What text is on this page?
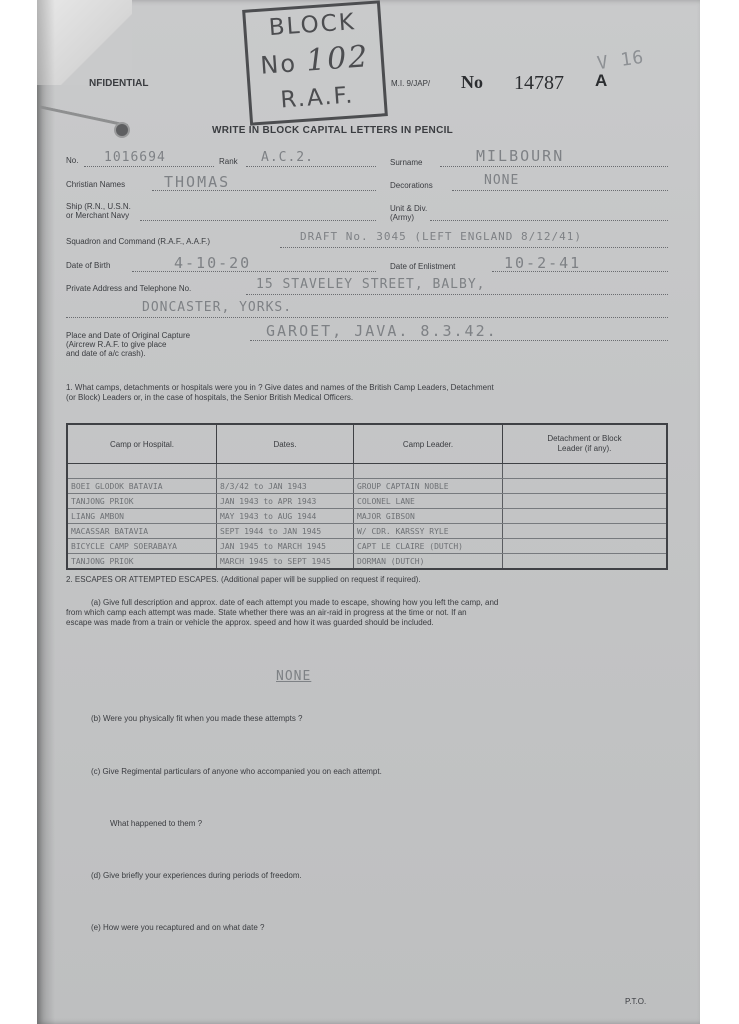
NFIDENTIAL
BLOCK
No 102
R.A.F.	M.I. 9/JAP/ No 14787 A
V 16
WRITE IN BLOCK CAPITAL LETTERS IN PENCIL
No. 1016694	Rank A.C.2.	Surname	MILBOURN
Christian Names	THOMAS	Decorations	NONE
Ship (R.N., U.S.N.
or Merchant Navy
Unit & Div.
(Army)
Squadron and Command (R.A.F., A.A.F.)	DRAFT No. 3045 (LEFT ENGLAND 8/12/41)
Date of Birth	4-10-20	Date of Enlistment	10-2-41
Private Address and Telephone No.	15 STAVELEY STREET, BALBY,
DONCASTER, YORKS.
Place and Date of Original Capture
(Aircrew R.A.F. to give place
and date of a/c crash).
GAROET, JAVA. 8.3.42.
1. What camps, detachments or hospitals were you in ? Give dates and names of the British Camp Leaders, Detachment
(or Block) Leaders or, in the case of hospitals, the Senior British Medical Officers.
Camp or Hospital.	Dates.	Camp Leader.	Detachment or Block
Leader (if any).

BOEI GLODOK BATAVIA	8/3/42 to JAN 1943	GROUP CAPTAIN NOBLE	
TANJONG PRIOK	JAN 1943 to APR 1943	COLONEL LANE	
LIANG AMBON	MAY 1943 to AUG 1944	MAJOR GIBSON	
MACASSAR BATAVIA	SEPT 1944 to JAN 1945	W/ CDR. KARSSY RYLE	
BICYCLE CAMP SOERABAYA	JAN 1945 to MARCH 1945	CAPT LE CLAIRE (DUTCH)	
TANJONG PRIOK	MARCH 1945 to SEPT 1945	DORMAN (DUTCH)	
2. ESCAPES OR ATTEMPTED ESCAPES. (Additional paper will be supplied on request if required).
(a) Give full description and approx. date of each attempt you made to escape, showing how you left the camp, and
from which camp each attempt was made. State whether there was an air-raid in progress at the time or not. If an
escape was made from a train or vehicle the approx. speed and how it was guarded should be included.
NONE
(b) Were you physically fit when you made these attempts ?
(c) Give Regimental particulars of anyone who accompanied you on each attempt.
What happened to them ?
(d) Give briefly your experiences during periods of freedom.
(e) How were you recaptured and on what date ?
P.T.O.
